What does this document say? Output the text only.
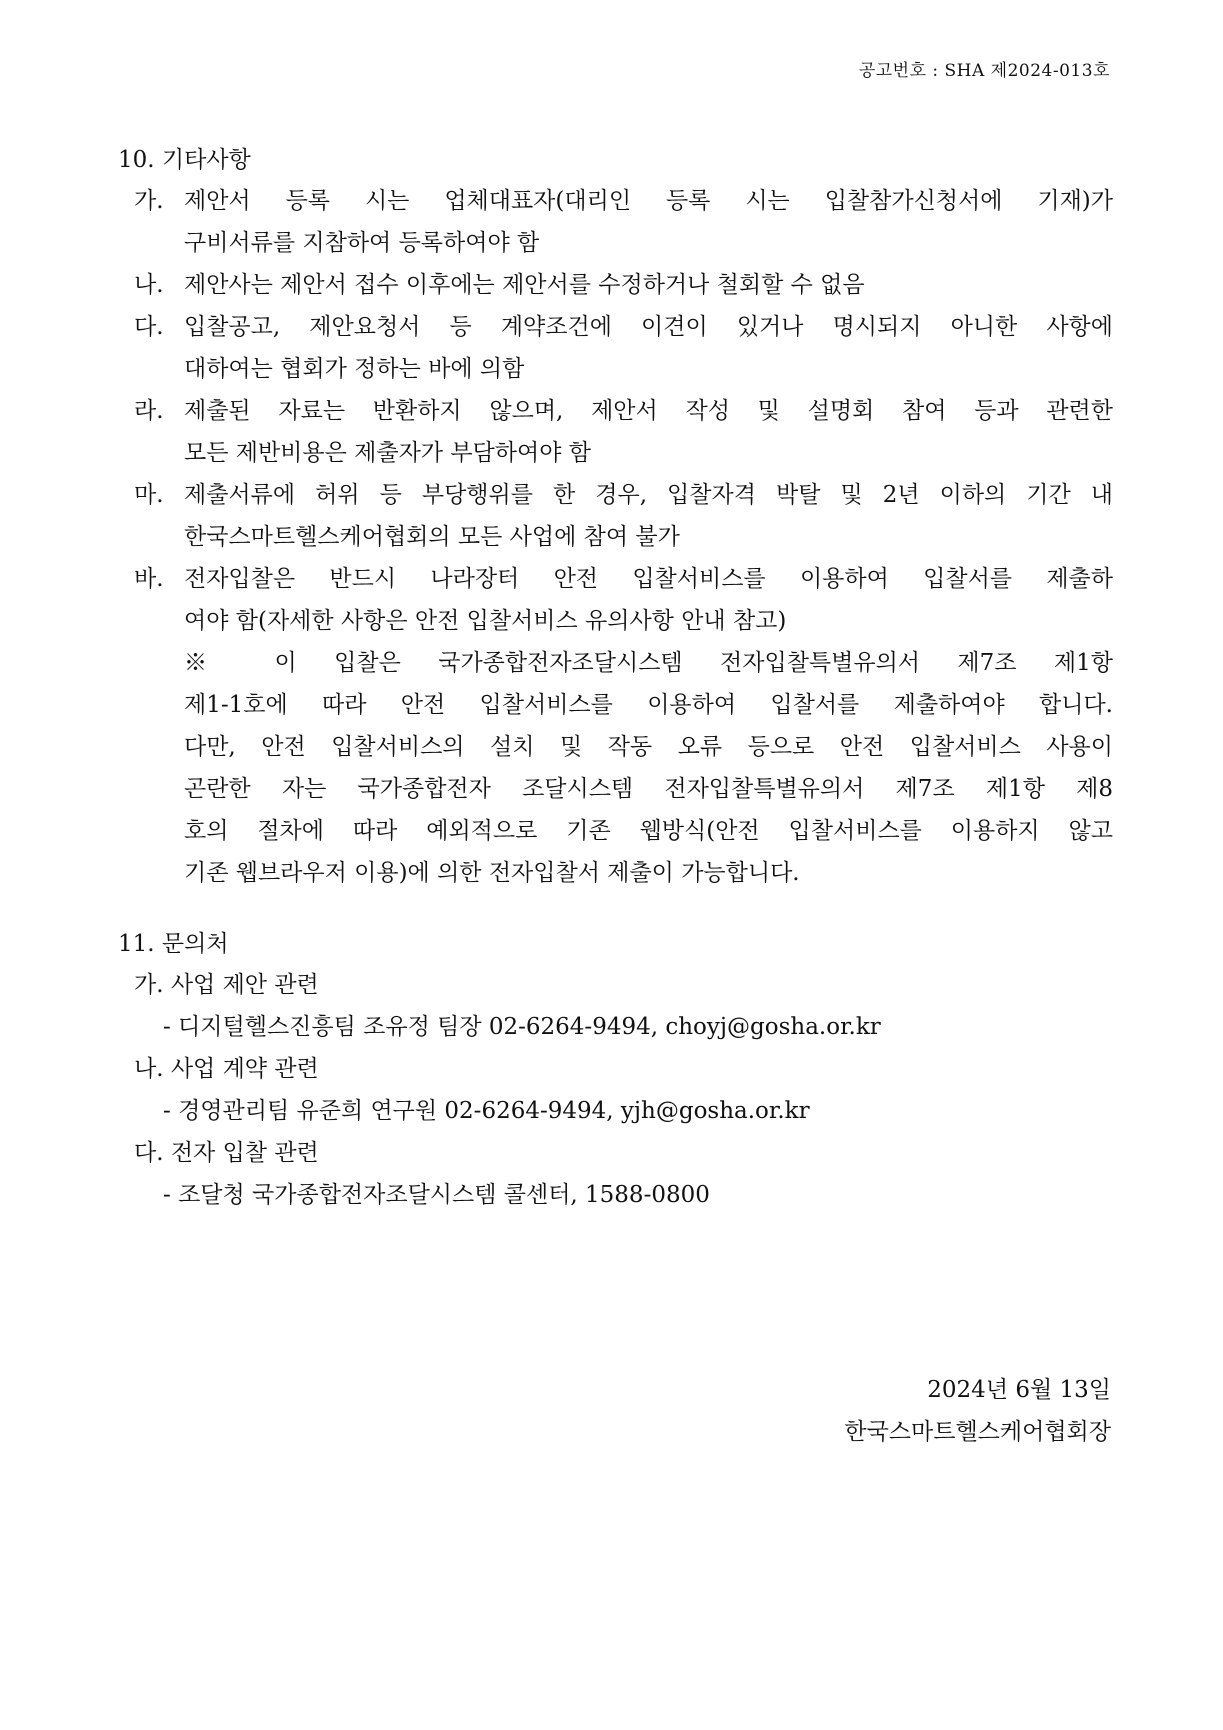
공고번호 : SHA 제2024-013호
10. 기타사항
가. 제안서 등록 시는 업체대표자(대리인 등록 시는 입찰참가신청서에 기재)가
구비서류를 지참하여 등록하여야 함
나. 제안사는 제안서 접수 이후에는 제안서를 수정하거나 철회할 수 없음
다. 입찰공고, 제안요청서 등 계약조건에 이견이 있거나 명시되지 아니한 사항에
대하여는 협회가 정하는 바에 의함
라. 제출된 자료는 반환하지 않으며, 제안서 작성 및 설명회 참여 등과 관련한
모든 제반비용은 제출자가 부담하여야 함
마. 제출서류에 허위 등 부당행위를 한 경우, 입찰자격 박탈 및 2년 이하의 기간 내
한국스마트헬스케어협회의 모든 사업에 참여 불가
바. 전자입찰은 반드시 나라장터 안전 입찰서비스를 이용하여 입찰서를 제출하
여야 함(자세한 사항은 안전 입찰서비스 유의사항 안내 참고)
※ 이 입찰은 국가종합전자조달시스템 전자입찰특별유의서 제7조 제1항
제1-1호에 따라 안전 입찰서비스를 이용하여 입찰서를 제출하여야 합니다.
다만, 안전 입찰서비스의 설치 및 작동 오류 등으로 안전 입찰서비스 사용이
곤란한 자는 국가종합전자 조달시스템 전자입찰특별유의서 제7조 제1항 제8
호의 절차에 따라 예외적으로 기존 웹방식(안전 입찰서비스를 이용하지 않고
기존 웹브라우저 이용)에 의한 전자입찰서 제출이 가능합니다.
11. 문의처
가. 사업 제안 관련
- 디지털헬스진흥팀 조유정 팀장 02-6264-9494, choyj@gosha.or.kr
나. 사업 계약 관련
- 경영관리팀 유준희 연구원 02-6264-9494, yjh@gosha.or.kr
다. 전자 입찰 관련
- 조달청 국가종합전자조달시스템 콜센터, 1588-0800
2024년 6월 13일
한국스마트헬스케어협회장
